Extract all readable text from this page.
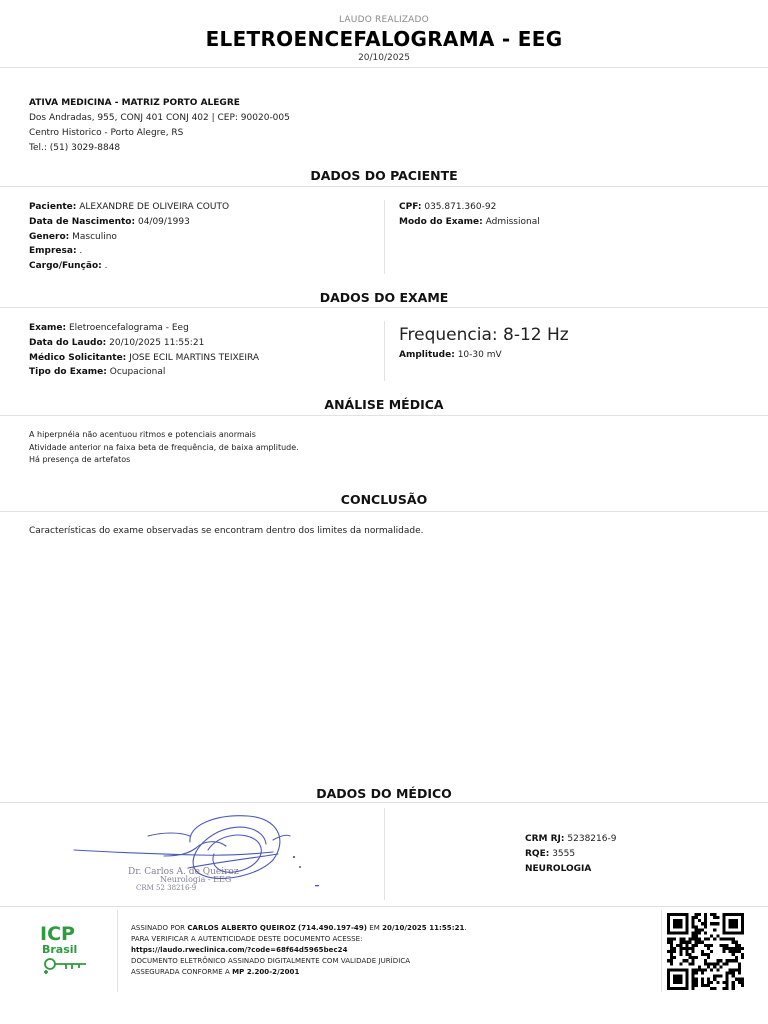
LAUDO REALIZADO
ELETROENCEFALOGRAMA - EEG
20/10/2025
ATIVA MEDICINA - MATRIZ PORTO ALEGRE
Dos Andradas, 955, CONJ 401 CONJ 402 | CEP: 90020-005
Centro Historico - Porto Alegre, RS
Tel.: (51) 3029-8848
DADOS DO PACIENTE
Paciente: ALEXANDRE DE OLIVEIRA COUTO
Data de Nascimento: 04/09/1993
Genero: Masculino
Empresa: .
Cargo/Função: .
CPF: 035.871.360-92
Modo do Exame: Admissional
DADOS DO EXAME
Exame: Eletroencefalograma - Eeg
Data do Laudo: 20/10/2025 11:55:21
Médico Solicitante: JOSE ECIL MARTINS TEIXEIRA
Tipo do Exame: Ocupacional
Frequencia: 8-12 Hz
Amplitude: 10-30 mV
ANÁLISE MÉDICA
A hiperpnéia não acentuou ritmos e potenciais anormais
Atividade anterior na faixa beta de frequência, de baixa amplitude.
Há presença de artefatos
CONCLUSÃO
Características do exame observadas se encontram dentro dos limites da normalidade.
DADOS DO MÉDICO
Dr. Carlos A. de Queiroz
Neurologia - EEG
CRM 52 38216-9
CRM RJ: 5238216-9
RQE: 3555
NEUROLOGIA
ICP
Brasil
ASSINADO POR CARLOS ALBERTO QUEIROZ (714.490.197-49) EM 20/10/2025 11:55:21.
PARA VERIFICAR A AUTENTICIDADE DESTE DOCUMENTO ACESSE:
https://laudo.rweclinica.com/?code=68f64d5965bec24
DOCUMENTO ELETRÔNICO ASSINADO DIGITALMENTE COM VALIDADE JURÍDICA
ASSEGURADA CONFORME A MP 2.200-2/2001
